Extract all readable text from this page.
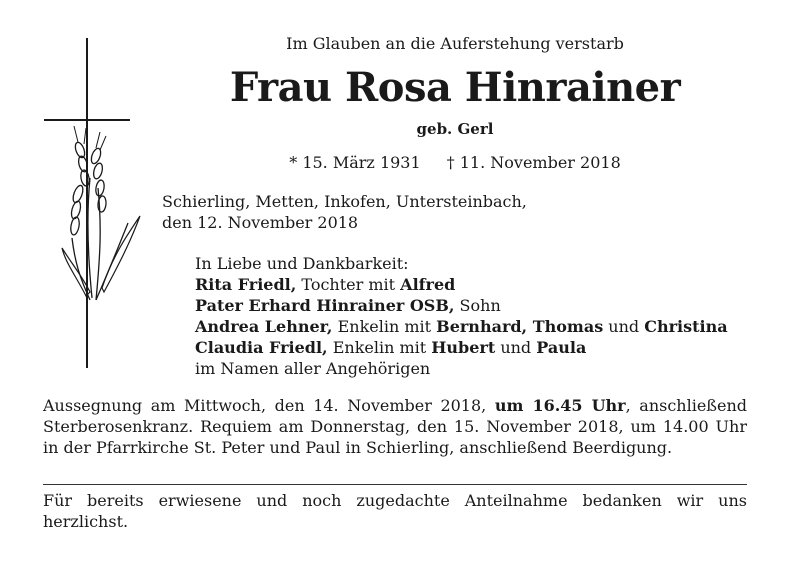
Im Glauben an die Auferstehung verstarb
Frau Rosa Hinrainer
geb. Gerl
* 15. März 1931 † 11. November 2018
Schierling, Metten, Inkofen, Untersteinbach,
den 12. November 2018
In Liebe und Dankbarkeit:
Rita Friedl, Tochter mit Alfred
Pater Erhard Hinrainer OSB, Sohn
Andrea Lehner, Enkelin mit Bernhard, Thomas und Christina
Claudia Friedl, Enkelin mit Hubert und Paula
im Namen aller Angehörigen
Aussegnung am Mittwoch, den 14. November 2018, um 16.45 Uhr, anschließend Sterberosenkranz. Requiem am Donnerstag, den 15. November 2018, um 14.00 Uhr in der Pfarrkirche St. Peter und Paul in Schierling, anschließend Beerdigung.
Für bereits erwiesene und noch zugedachte Anteilnahme bedanken wir uns herzlichst.
